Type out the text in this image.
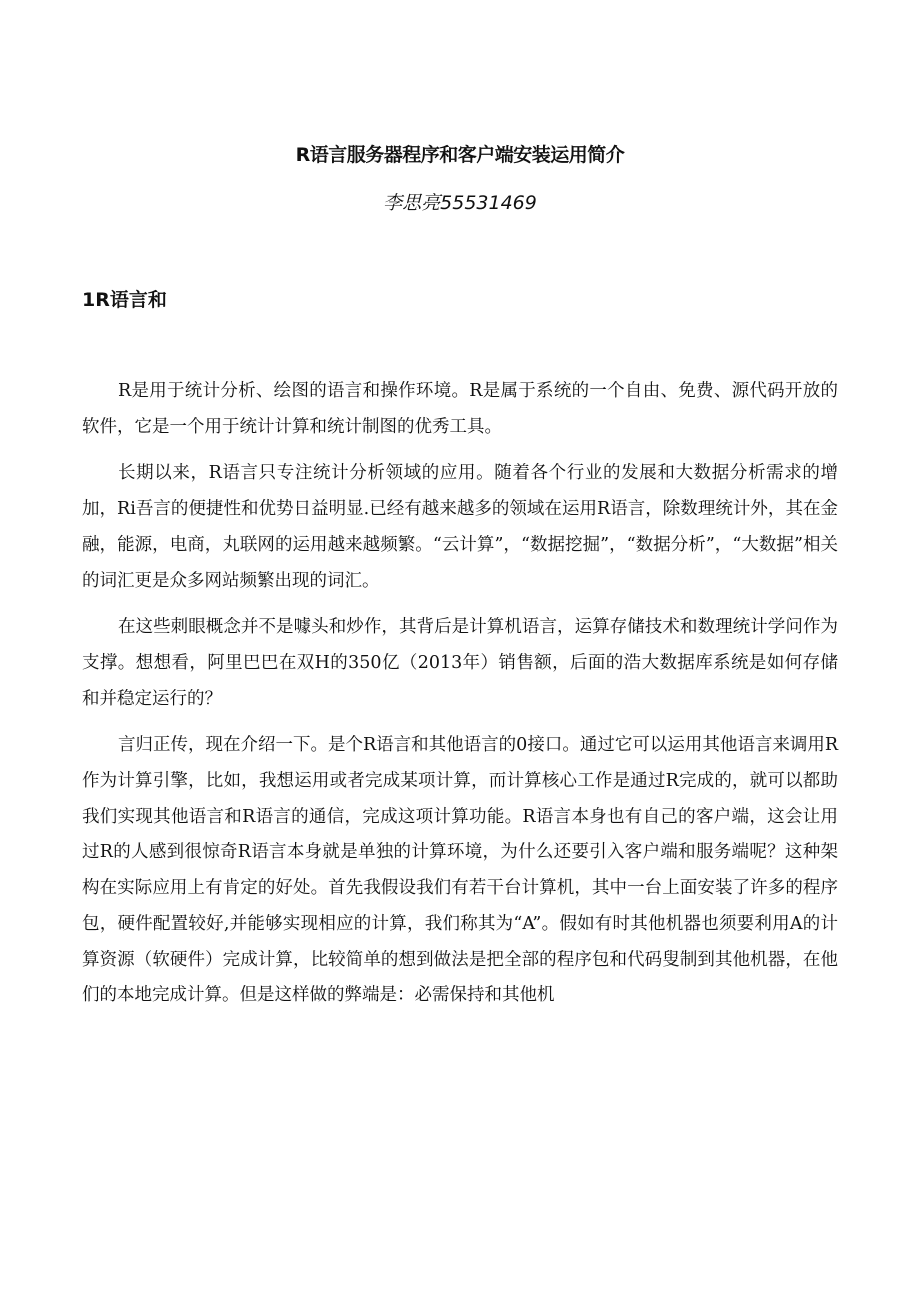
R语言服务器程序和客户端安装运用简介
李思亮55531469
1R语言和

R是用于统计分析、绘图的语言和操作环境。R是属于系统的一个自由、免费、源代码开放的软件，它是一个用于统计计算和统计制图的优秀工具。

长期以来，R语言只专注统计分析领域的应用。随着各个行业的发展和大数据分析需求的增加，Ri吾言的便捷性和优势日益明显.已经有越来越多的领域在运用R语言，除数理统计外，其在金融，能源，电商，丸联网的运用越来越频繁。“云计算”，“数据挖掘”，“数据分析”，“大数据”相关的词汇更是众多网站频繁出现的词汇。

在这些刺眼概念并不是噱头和炒作，其背后是计算机语言，运算存储技术和数理统计学问作为支撑。想想看，阿里巴巴在双H的350亿（2013年）销售额，后面的浩大数据库系统是如何存储和并稳定运行的？

言归正传，现在介绍一下。是个R语言和其他语言的0接口。通过它可以运用其他语言来调用R作为计算引擎，比如，我想运用或者完成某项计算，而计算核心工作是通过R完成的，就可以都助我们实现其他语言和R语言的通信，完成这项计算功能。R语言本身也有自己的客户端，这会让用过R的人感到很惊奇R语言本身就是单独的计算环境，为什么还要引入客户端和服务端呢？这种架构在实际应用上有肯定的好处。首先我假设我们有若干台计算机，其中一台上面安装了许多的程序包，硬件配置较好,并能够实现相应的计算，我们称其为“A”。假如有时其他机器也须要利用A的计算资源（软硬件）完成计算，比较简单的想到做法是把全部的程序包和代码叟制到其他机器，在他们的本地完成计算。但是这样做的弊端是：必需保持和其他机
